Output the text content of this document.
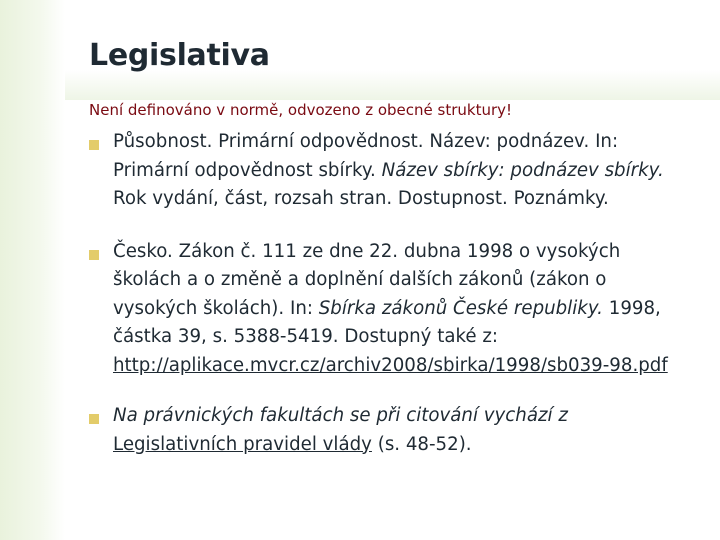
Legislativa
Není definováno v normě, odvozeno z obecné struktury!
Působnost. Primární odpovědnost. Název: podnázev. In: Primární odpovědnost sbírky. Název sbírky: podnázev sbírky. Rok vydání, část, rozsah stran. Dostupnost. Poznámky.
Česko. Zákon č. 111 ze dne 22. dubna 1998 o vysokých školách a o změně a doplnění dalších zákonů (zákon o vysokých školách). In: Sbírka zákonů České republiky. 1998, částka 39, s. 5388-5419. Dostupný také z: http://aplikace.mvcr.cz/archiv2008/sbirka/1998/sb039-98.pdf
Na právnických fakultách se při citování vychází z Legislativních pravidel vlády (s. 48-52).
